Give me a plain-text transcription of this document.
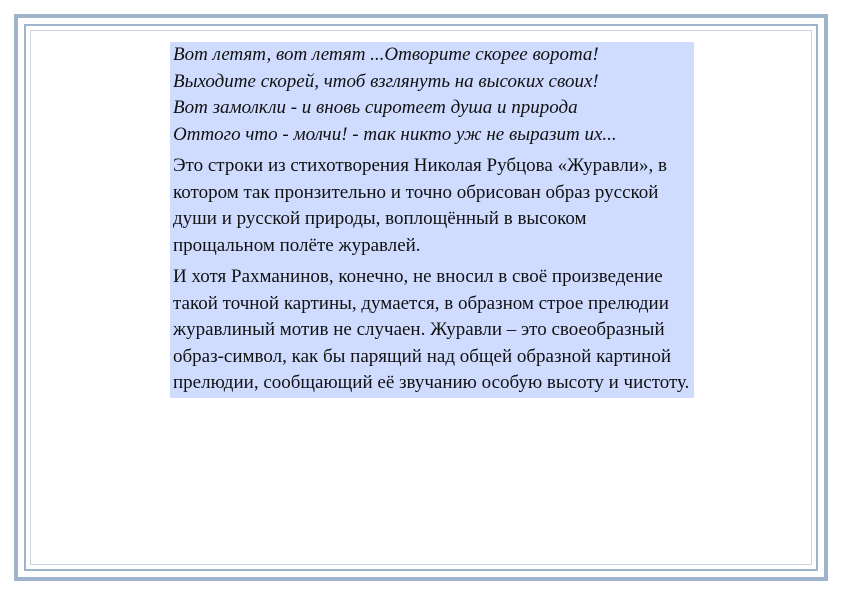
Вот летят, вот летят ...Отворите скорее ворота!
Выходите скорей, чтоб взглянуть на высоких своих!
Вот замолкли - и вновь сиротеет душа и природа
Оттого что - молчи! - так никто уж не выразит их...

Это строки из стихотворения Николая Рубцова «Журавли», в котором так пронзительно и точно обрисован образ русской души и русской природы, воплощённый в высоком прощальном полёте журавлей.

И хотя Рахманинов, конечно, не вносил в своё произведение такой точной картины, думается, в образном строе прелюдии журавлиный мотив не случаен. Журавли – это своеобразный образ-символ, как бы парящий над общей образной картиной прелюдии, сообщающий её звучанию особую высоту и чистоту.
